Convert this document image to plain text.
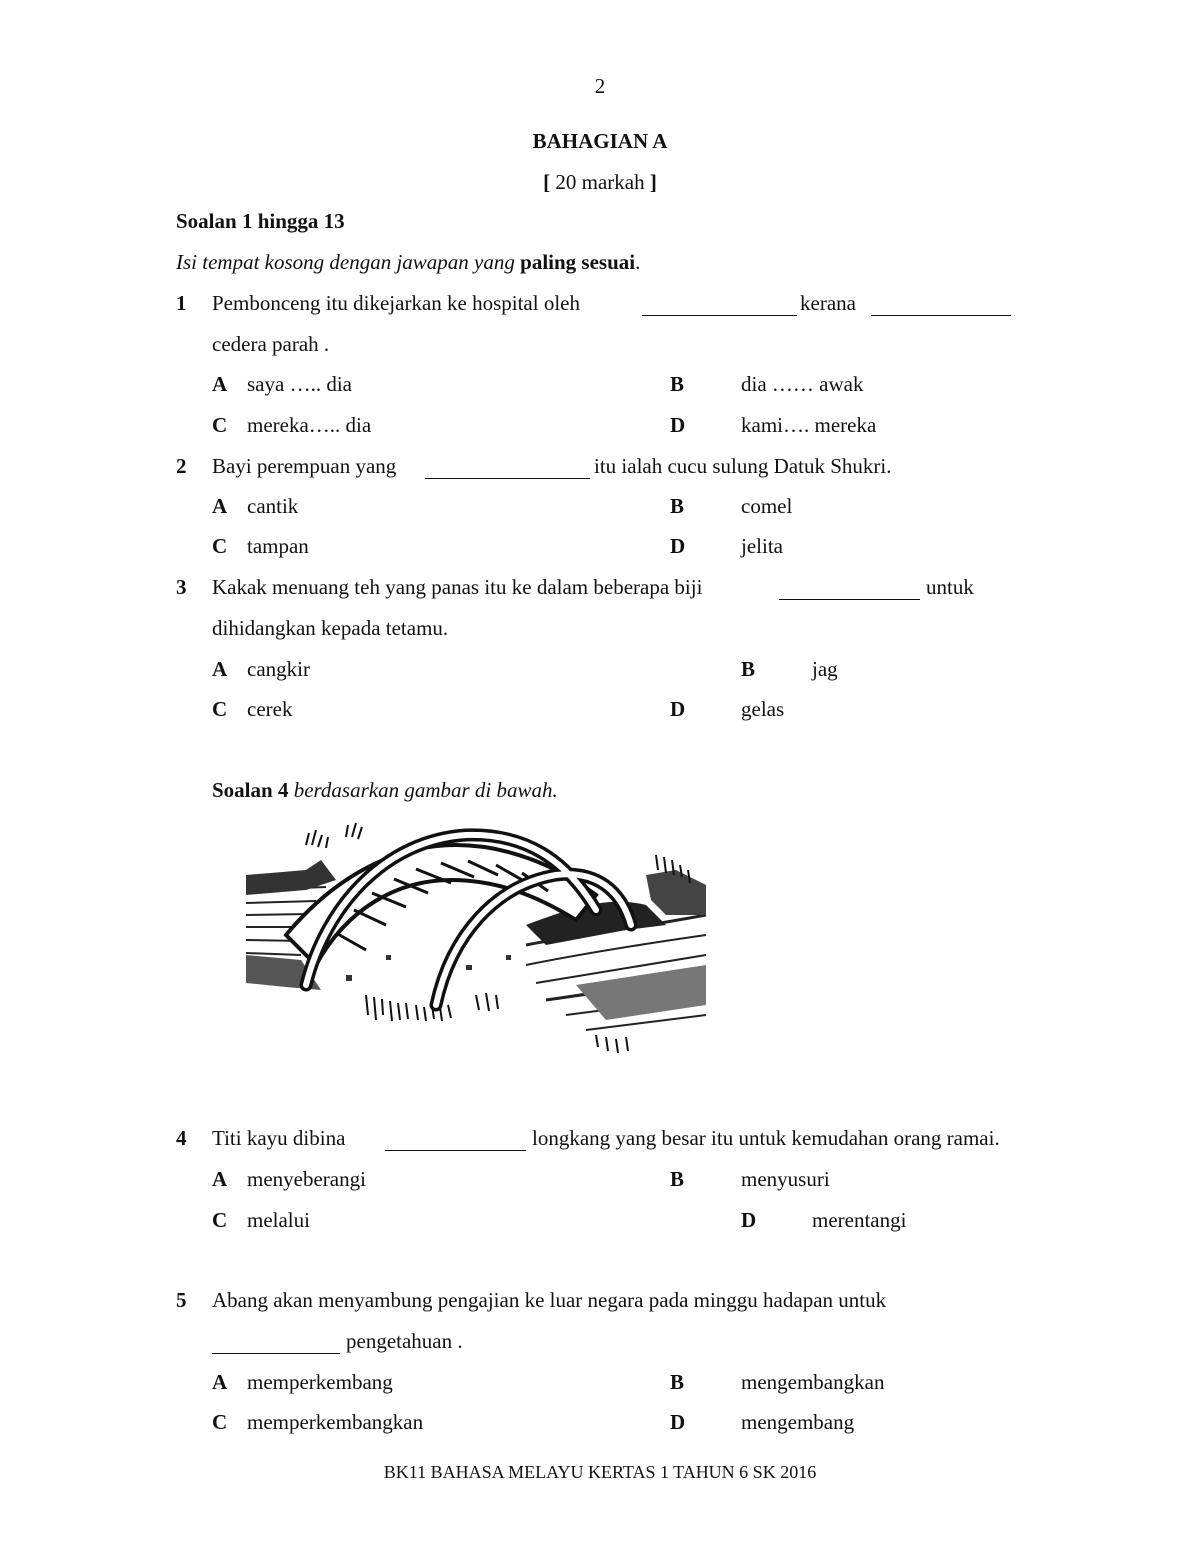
2
BAHAGIAN A
[ 20 markah ]
Soalan 1 hingga 13
Isi tempat kosong dengan jawapan yang paling sesuai.
1 Pembonceng itu dikejarkan ke hospital oleh	kerana
cedera parah .
A saya ….. dia	B	dia …… awak
C mereka….. dia	D	kami…. mereka
2 Bayi perempuan yang	itu ialah cucu sulung Datuk Shukri.
A cantik	B	comel
C tampan	D	jelita
3 Kakak menuang teh yang panas itu ke dalam beberapa biji	untuk
dihidangkan kepada tetamu.
A cangkir	B	jag
C cerek	D	gelas
Soalan 4 berdasarkan gambar di bawah.
4 Titi kayu dibina	longkang yang besar itu untuk kemudahan orang ramai.
A menyeberangi	B	menyusuri
C melalui	D	merentangi
5 Abang akan menyambung pengajian ke luar negara pada minggu hadapan untuk
pengetahuan .
A memperkembang	B	mengembangkan
C memperkembangkan	D	mengembang
BK11 BAHASA MELAYU KERTAS 1 TAHUN 6 SK 2016
